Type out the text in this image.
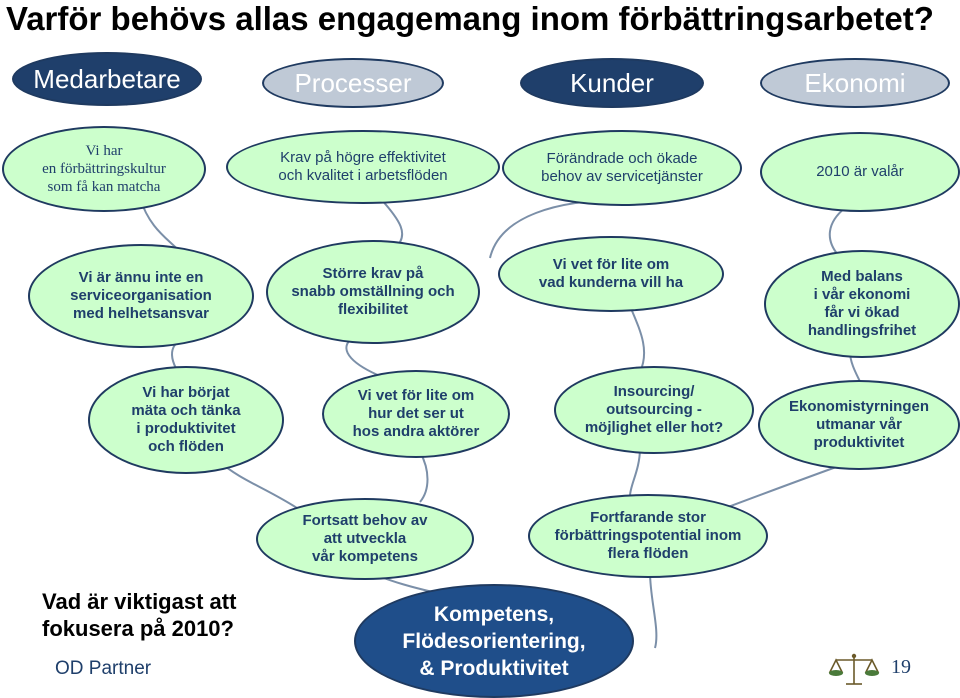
Varför behövs allas engagemang inom förbättringsarbetet?
Medarbetare	Processer	Kunder	Ekonomi
Vi har
en förbättringskultur
som få kan matcha
Krav på högre effektivitet
och kvalitet i arbetsflöden
Förändrade och ökade
behov av servicetjänster	2010 är valår
Vi är ännu inte en
serviceorganisation
med helhetsansvar
Större krav på
snabb omställning och
flexibilitet
Vi vet för lite om
vad kunderna vill ha	Med balans
i vår ekonomi
får vi ökad
handlingsfrihet
Vi har börjat
mäta och tänka
i produktivitet
och flöden
Vi vet för lite om
hur det ser ut
hos andra aktörer
Insourcing/
outsourcing -
möjlighet eller hot?
Ekonomistyrningen
utmanar vår
produktivitet
Fortsatt behov av
att utveckla
vår kompetens
Fortfarande stor
förbättringspotential inom
flera flöden
Kompetens,
Flödesorientering,
& Produktivitet
Vad är viktigast att
fokusera på 2010?
OD Partner	19
